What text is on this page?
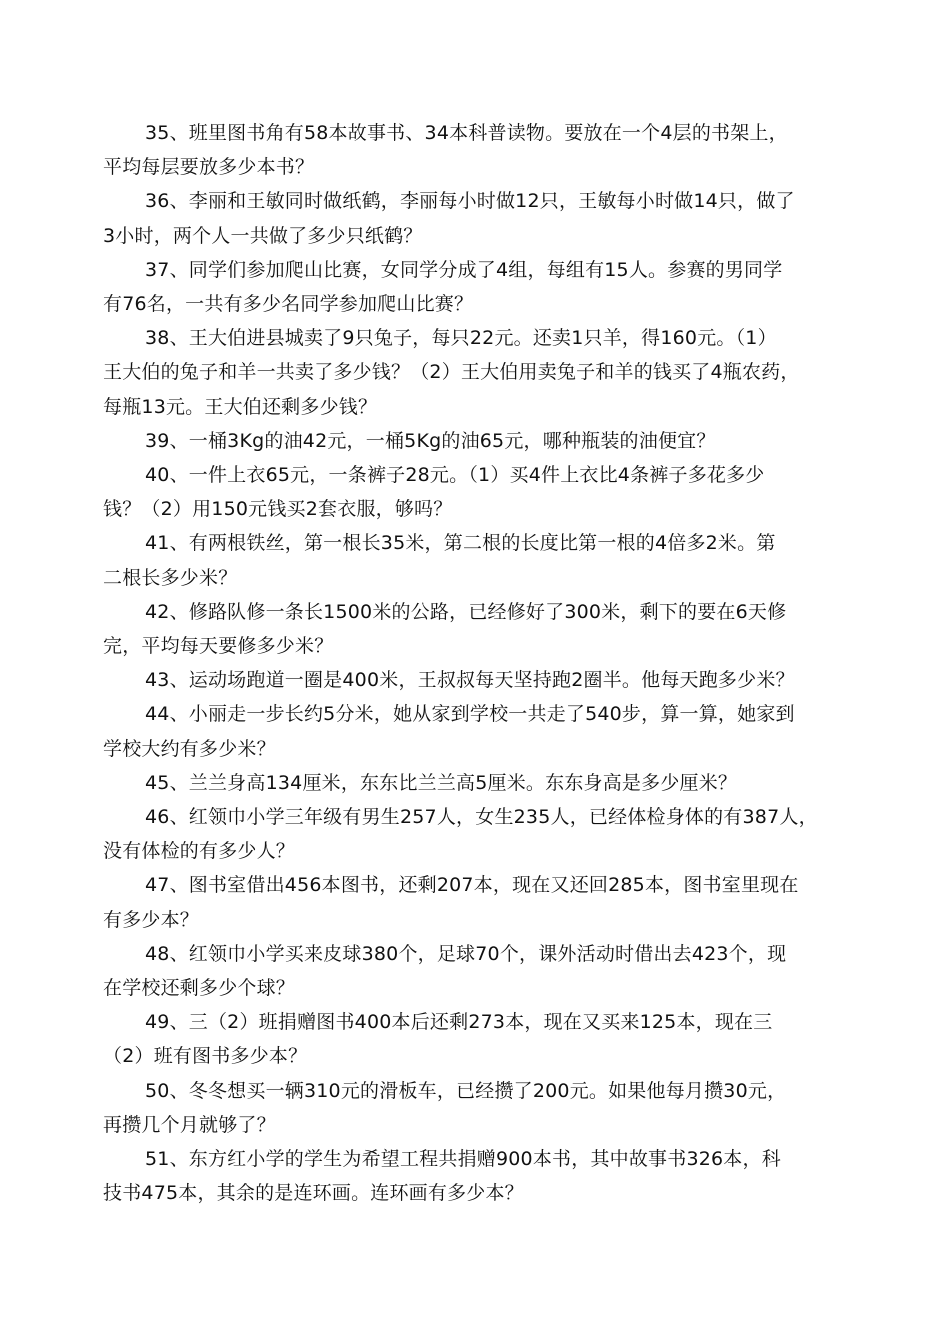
35、班里图书角有58本故事书、34本科普读物。要放在一个4层的书架上，
平均每层要放多少本书？
36、李丽和王敏同时做纸鹤，李丽每小时做12只，王敏每小时做14只，做了
3小时，两个人一共做了多少只纸鹤？
37、同学们参加爬山比赛，女同学分成了4组，每组有15人。参赛的男同学
有76名，一共有多少名同学参加爬山比赛？
38、王大伯进县城卖了9只兔子，每只22元。还卖1只羊，得160元。（1）
王大伯的兔子和羊一共卖了多少钱？（2）王大伯用卖兔子和羊的钱买了4瓶农药，
每瓶13元。王大伯还剩多少钱？
39、一桶3Kg的油42元，一桶5Kg的油65元，哪种瓶装的油便宜？
40、一件上衣65元，一条裤子28元。（1）买4件上衣比4条裤子多花多少
钱？（2）用150元钱买2套衣服，够吗？
41、有两根铁丝，第一根长35米，第二根的长度比第一根的4倍多2米。第
二根长多少米？
42、修路队修一条长1500米的公路，已经修好了300米，剩下的要在6天修
完，平均每天要修多少米？
43、运动场跑道一圈是400米，王叔叔每天坚持跑2圈半。他每天跑多少米？
44、小丽走一步长约5分米，她从家到学校一共走了540步，算一算，她家到
学校大约有多少米？
45、兰兰身高134厘米，东东比兰兰高5厘米。东东身高是多少厘米？
46、红领巾小学三年级有男生257人，女生235人，已经体检身体的有387人，
没有体检的有多少人？
47、图书室借出456本图书，还剩207本，现在又还回285本，图书室里现在
有多少本？
48、红领巾小学买来皮球380个，足球70个，课外活动时借出去423个，现
在学校还剩多少个球？
49、三（2）班捐赠图书400本后还剩273本，现在又买来125本，现在三
（2）班有图书多少本？
50、冬冬想买一辆310元的滑板车，已经攒了200元。如果他每月攒30元，
再攒几个月就够了？
51、东方红小学的学生为希望工程共捐赠900本书，其中故事书326本，科
技书475本，其余的是连环画。连环画有多少本？
